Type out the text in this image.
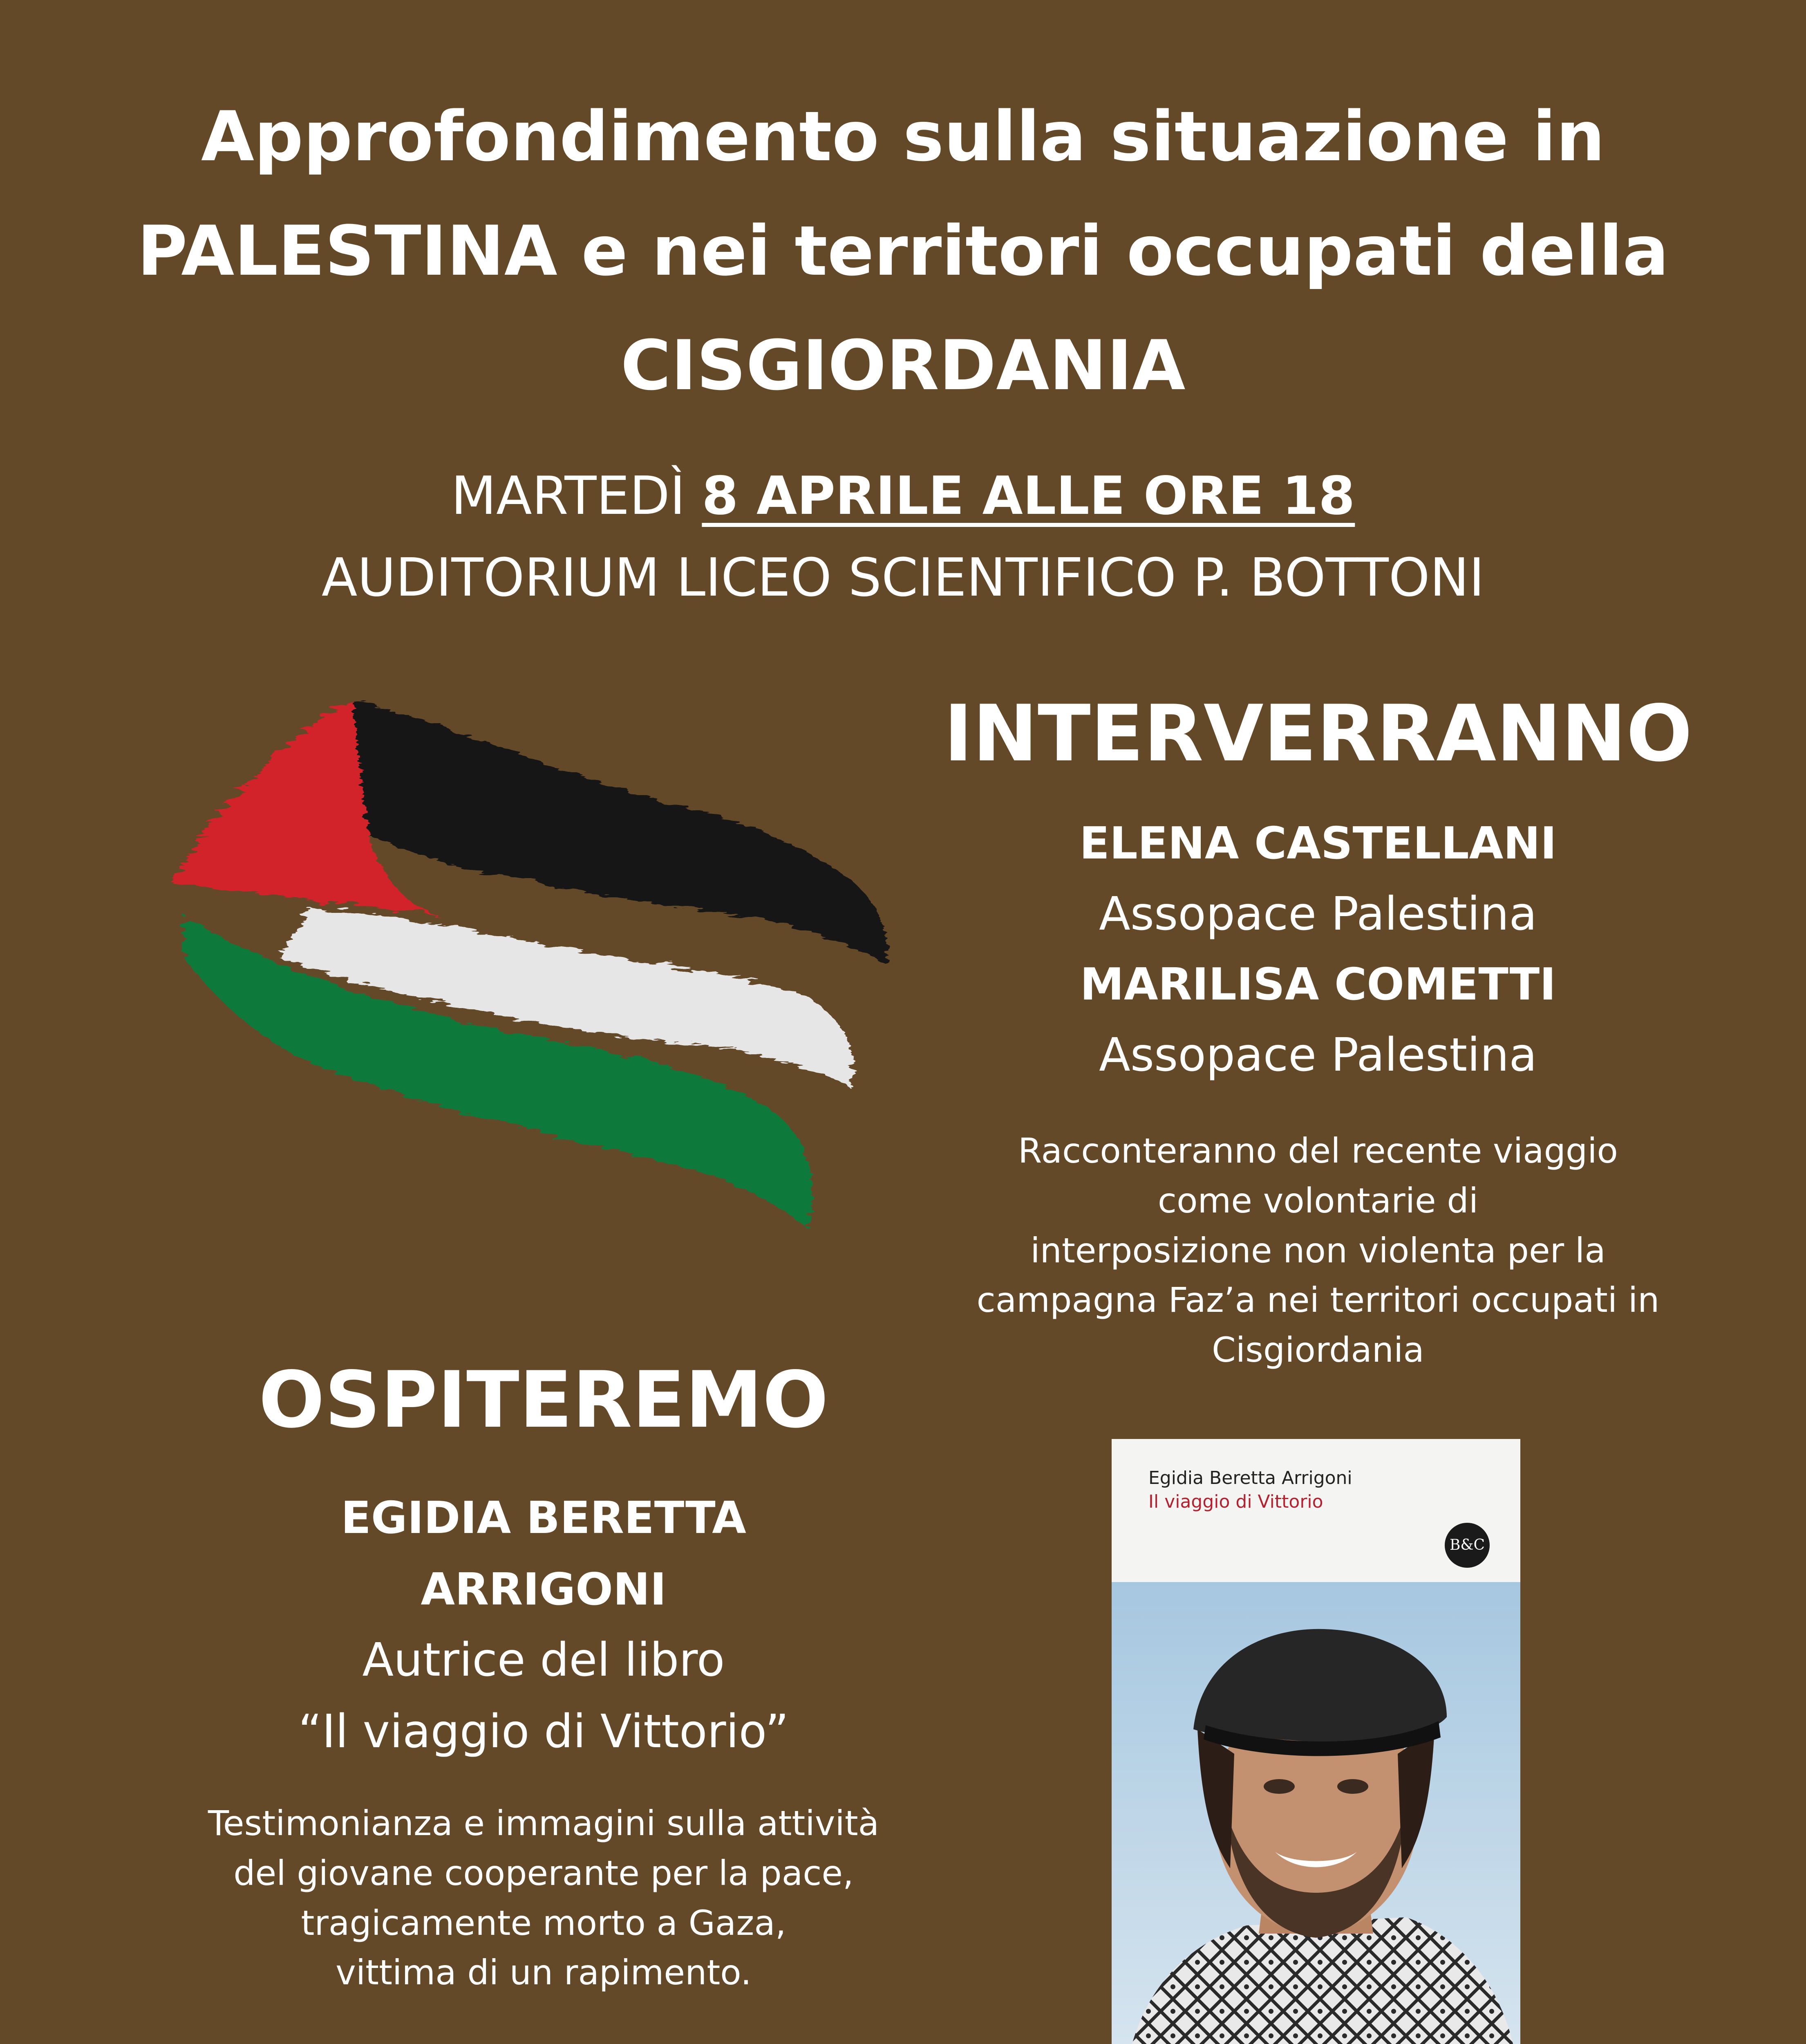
Approfondimento sulla situazione in
PALESTINA e nei territori occupati della
CISGIORDANIA
MARTEDÌ 8 APRILE ALLE ORE 18
AUDITORIUM LICEO SCIENTIFICO P. BOTTONI
INTERVERRANNO
ELENA CASTELLANI
Assopace Palestina
MARILISA COMETTI
Assopace Palestina
Racconteranno del recente viaggio
come volontarie di
interposizione non violenta per la
campagna Faz’a nei territori occupati in
Cisgiordania
OSPITEREMO
EGIDIA BERETTA
ARRIGONI
Autrice del libro
“Il viaggio di Vittorio”
Testimonianza e immagini sulla attività
del giovane cooperante per la pace,
tragicamente morto a Gaza,
vittima di un rapimento.
Egidia Beretta Arrigoni
Il viaggio di Vittorio
B&C
